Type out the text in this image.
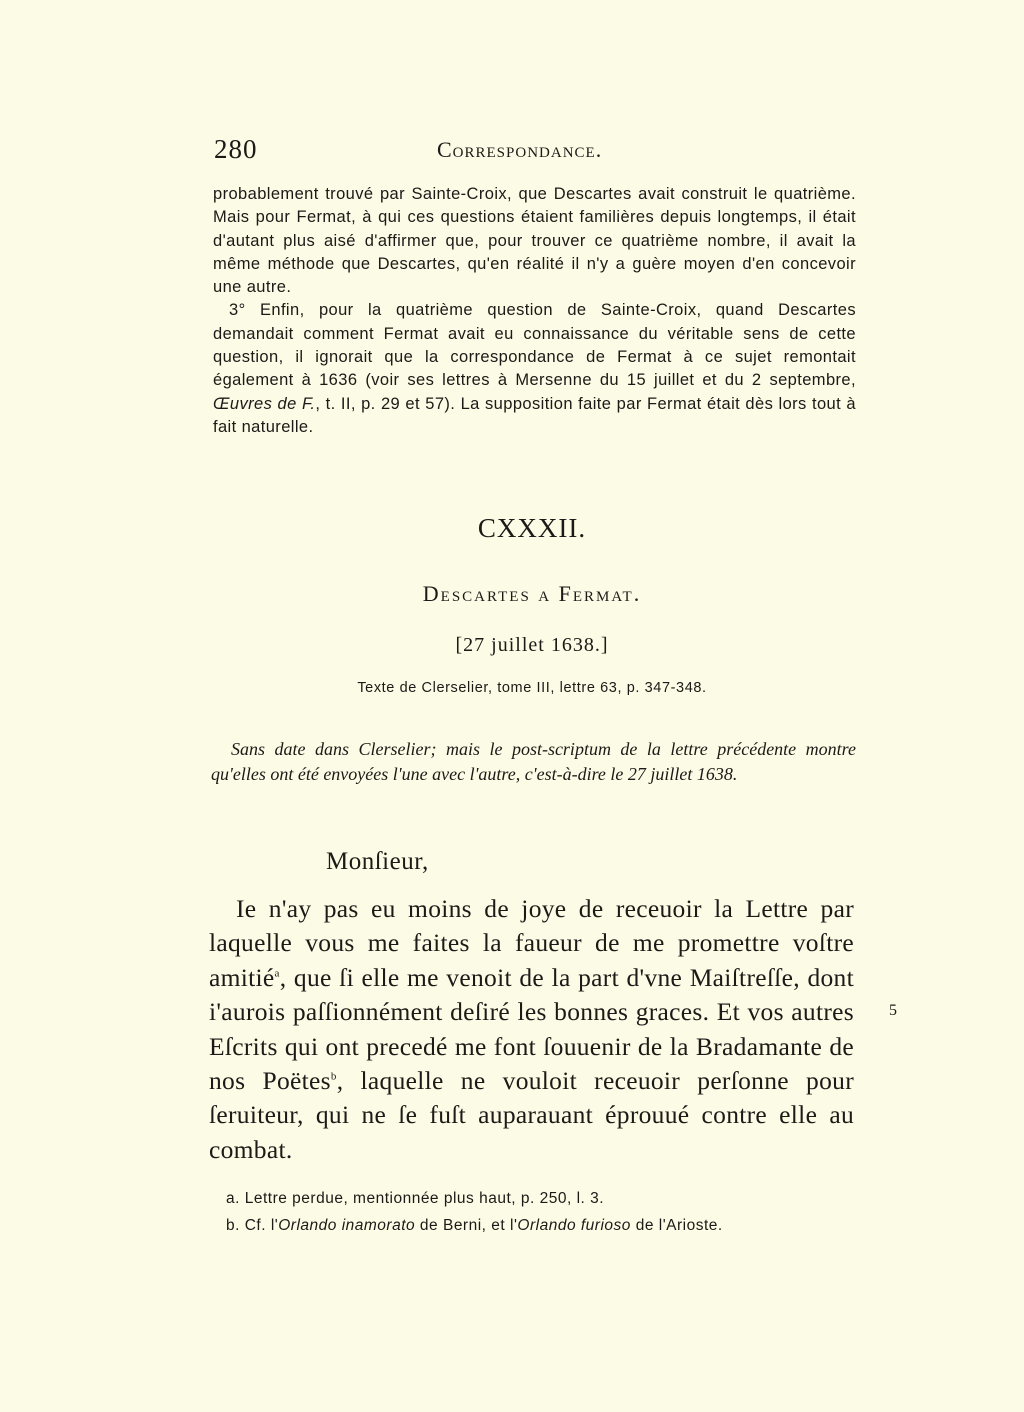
280	Correspondance.

probablement trouvé par Sainte-Croix, que Descartes avait construit le quatrième. Mais pour Fermat, à qui ces questions étaient familières depuis longtemps, il était d'autant plus aisé d'affirmer que, pour trouver ce quatrième nombre, il avait la même méthode que Descartes, qu'en réalité il n'y a guère moyen d'en concevoir une autre.

3° Enfin, pour la quatrième question de Sainte-Croix, quand Descartes demandait comment Fermat avait eu connaissance du véritable sens de cette question, il ignorait que la correspondance de Fermat à ce sujet remontait également à 1636 (voir ses lettres à Mersenne du 15 juillet et du 2 septembre, Œuvres de F., t. II, p. 29 et 57). La supposition faite par Fermat était dès lors tout à fait naturelle.

CXXXII.
Descartes a Fermat.
[27 juillet 1638.]
Texte de Clerselier, tome III, lettre 63, p. 347-348.
Sans date dans Clerselier; mais le post-scriptum de la lettre précédente montre qu'elles ont été envoyées l'une avec l'autre, c'est-à-dire le 27 juillet 1638.
Monſieur,
Ie n'ay pas eu moins de joye de receuoir la Lettre par laquelle vous me faites la faueur de me promettre voſtre amitié$^a$, que ſi elle me venoit de la part d'vne Maiſtreſſe, dont i'aurois paſſionnément deſiré les bonnes graces. Et vos autres Eſcrits qui ont precedé me font ſouuenir de la Bradamante de nos Poëtes$^b$, laquelle ne vouloit receuoir perſonne pour ſeruiteur, qui ne ſe fuſt auparauant éprouué contre elle au combat.
5

a. Lettre perdue, mentionnée plus haut, p. 250, l. 3.

b. Cf. l'Orlando inamorato de Berni, et l'Orlando furioso de l'Arioste.
